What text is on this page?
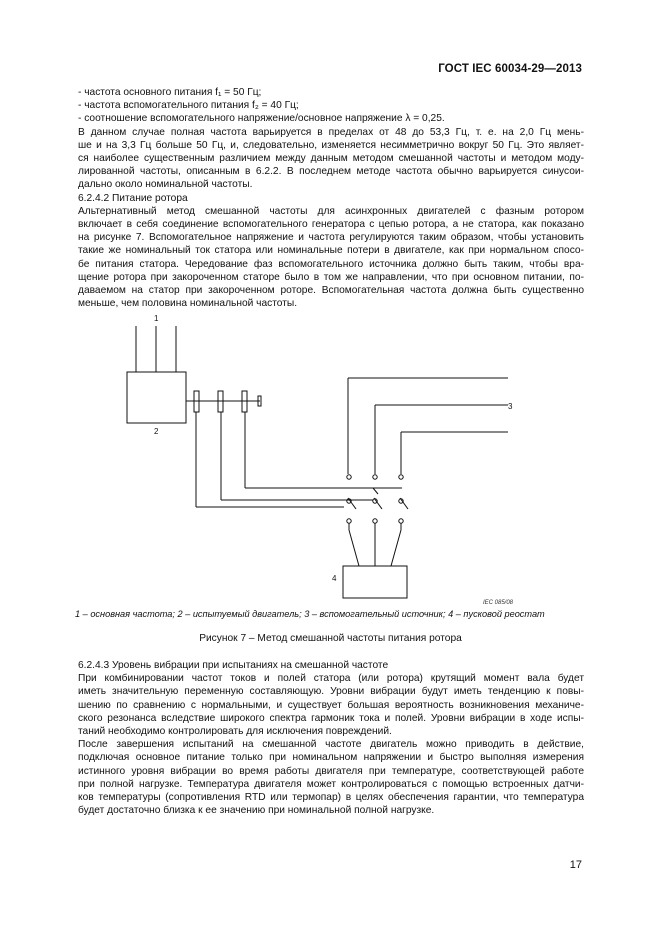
ГОСТ IEC 60034-29—2013
- частота основного питания f₁ = 50 Гц;
- частота вспомогательного питания f₂ = 40 Гц;
- соотношение вспомогательного напряжение/основное напряжение λ = 0,25.
В данном случае полная частота варьируется в пределах от 48 до 53,3 Гц, т. е. на 2,0 Гц мень-
ше и на 3,3 Гц больше 50 Гц, и, следовательно, изменяется несимметрично вокруг 50 Гц. Это являет-
ся наиболее существенным различием между данным методом смешанной частоты и методом моду-
лированной частоты, описанным в 6.2.2. В последнем методе частота обычно варьируется синусои-
дально около номинальной частоты.
6.2.4.2 Питание ротора
Альтернативный метод смешанной частоты для асинхронных двигателей с фазным ротором
включает в себя соединение вспомогательного генератора с цепью ротора, а не статора, как показано
на рисунке 7. Вспомогательное напряжение и частота регулируются таким образом, чтобы установить
такие же номинальный ток статора или номинальные потери в двигателе, как при нормальном спосо-
бе питания статора. Чередование фаз вспомогательного источника должно быть таким, чтобы вра-
щение ротора при закороченном статоре было в том же направлении, что при основном питании, по-
даваемом на статор при закороченном роторе. Вспомогательная частота должна быть существенно
меньше, чем половина номинальной частоты.
1
2
3
4
IEC 085/08
1 – основная частота; 2 – испытуемый двигатель; 3 – вспомогательный источник; 4 – пусковой реостат
Рисунок 7 – Метод смешанной частоты питания ротора
6.2.4.3 Уровень вибрации при испытаниях на смешанной частоте
При комбинировании частот токов и полей статора (или ротора) крутящий момент вала будет
иметь значительную переменную составляющую. Уровни вибрации будут иметь тенденцию к повы-
шению по сравнению с нормальными, и существует большая вероятность возникновения механиче-
ского резонанса вследствие широкого спектра гармоник тока и полей. Уровни вибрации в ходе испы-
таний необходимо контролировать для исключения повреждений.
После завершения испытаний на смешанной частоте двигатель можно приводить в действие,
подключая основное питание только при номинальном напряжении и быстро выполняя измерения
истинного уровня вибрации во время работы двигателя при температуре, соответствующей работе
при полной нагрузке. Температура двигателя может контролироваться с помощью встроенных датчи-
ков температуры (сопротивления RTD или термопар) в целях обеспечения гарантии, что температура
будет достаточно близка к ее значению при номинальной полной нагрузке.
17
